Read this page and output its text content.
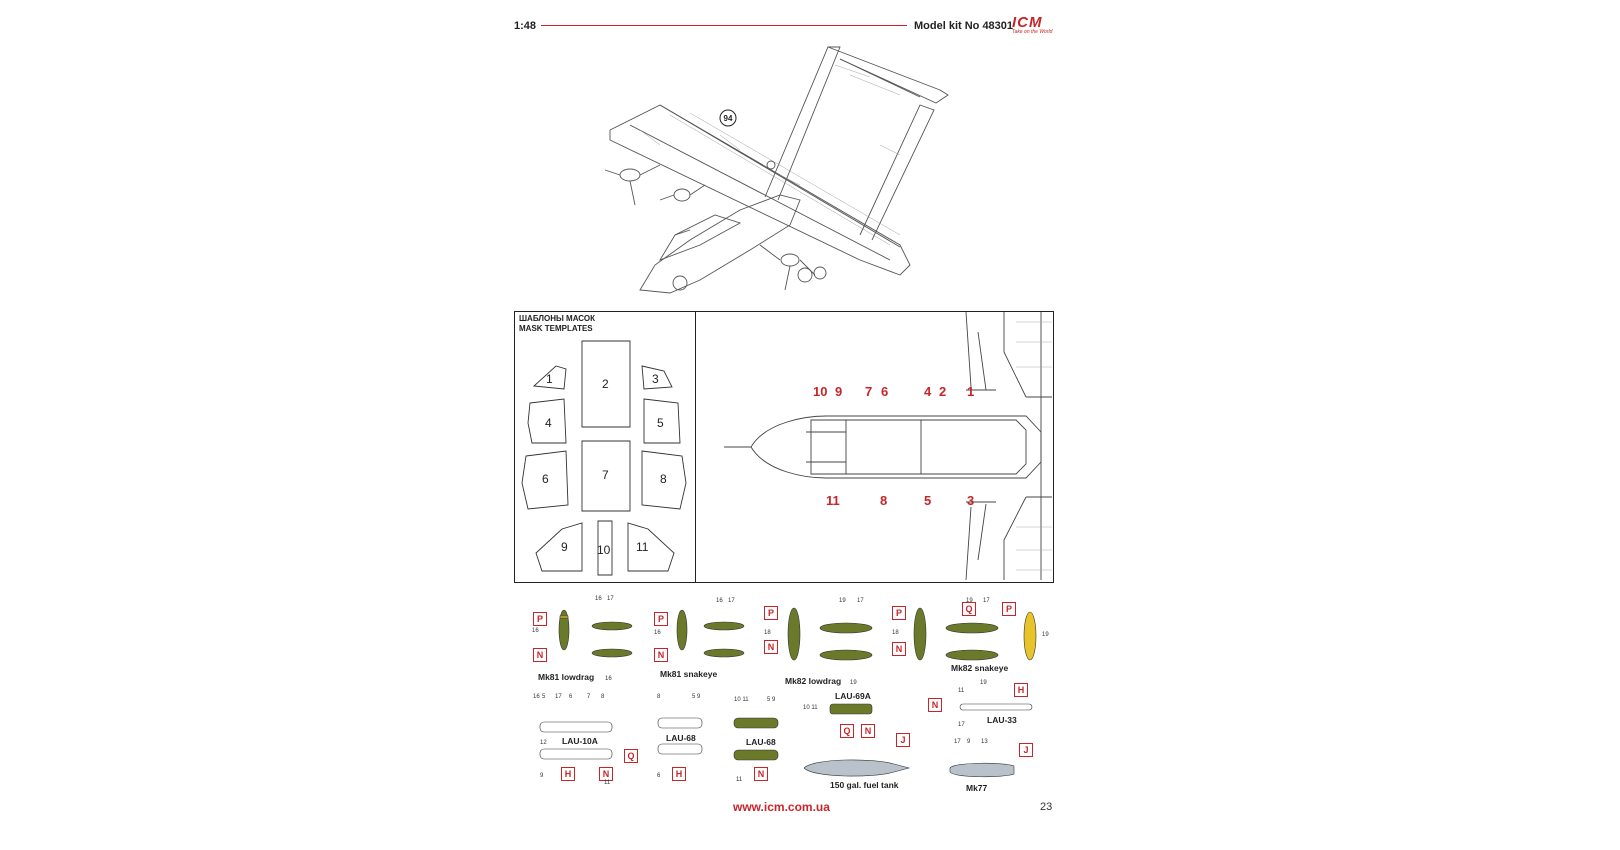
1:48	Model kit No 48301
ICM
Take on the World
94
ШАБЛОНЫ МАСОК
MASK TEMPLATES
1	2	3
4	5
6	7	8
9 10 11
10 9 7 6	4 2 1
11	8	5	3
P
N
P
N
P
N
P
N
Q	P
N
H
Q
N
H
Q	N
H	N
J
J
16 17
16
16
17
16
16	19 17
18
19
19 17
18	19
19
16	17
5	6 7 8	8	5 9	10 11	5 9
10 11
12
9
11
6
11
11
17
17 9 13
Mk81 lowdrag	Mk81 snakeye
Mk82 lowdrag
Mk82 snakeye
LAU-10A	LAU-68	LAU-68
LAU-69A
LAU-33
150 gal. fuel tank	Mk77
www.icm.com.ua	23
